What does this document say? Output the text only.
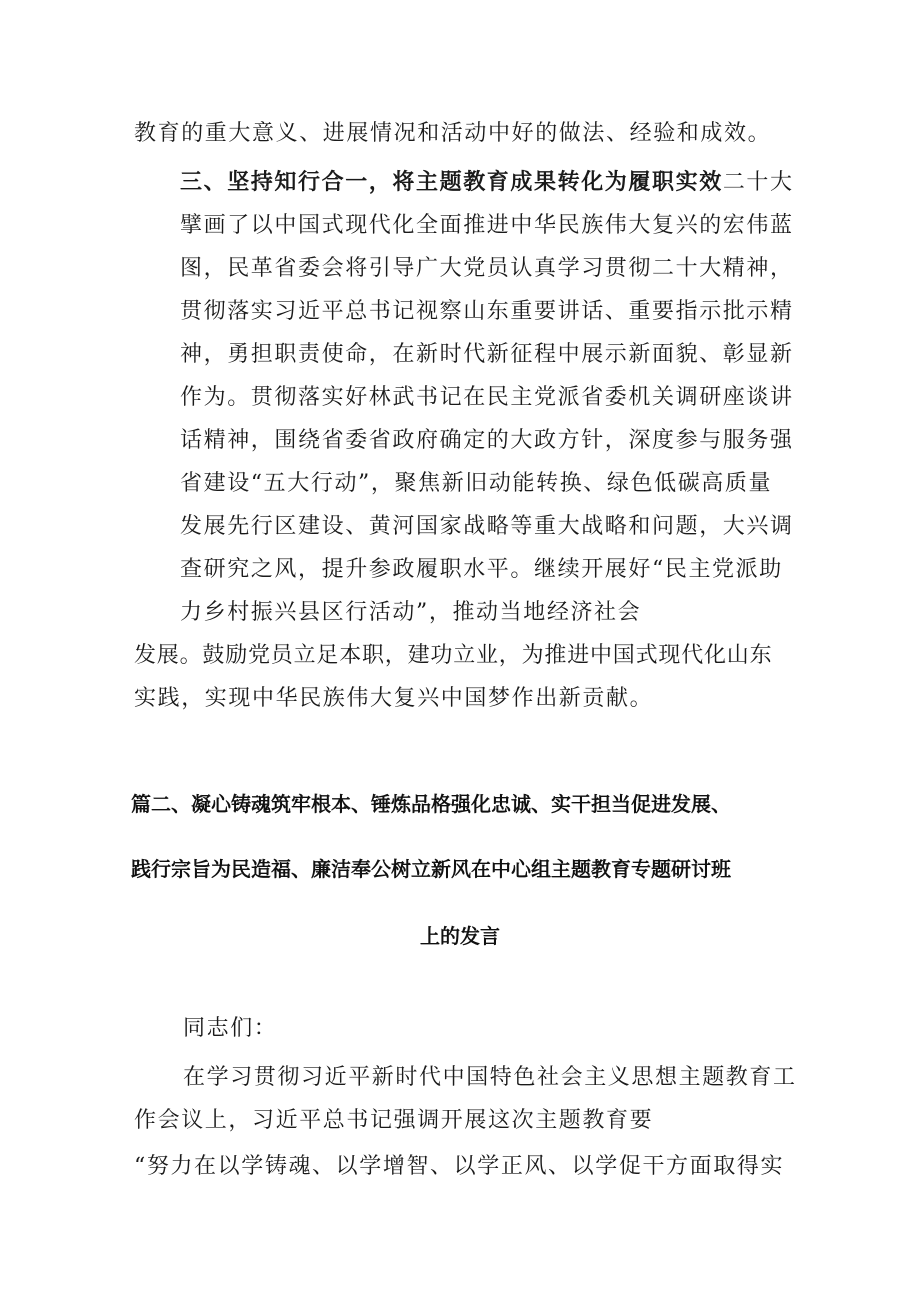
教育的重大意义、进展情况和活动中好的做法、经验和成效。
三、坚持知行合一，将主题教育成果转化为履职实效二十大
擘画了以中国式现代化全面推进中华民族伟大复兴的宏伟蓝
图，民革省委会将引导广大党员认真学习贯彻二十大精神，
贯彻落实习近平总书记视察山东重要讲话、重要指示批示精
神，勇担职责使命，在新时代新征程中展示新面貌、彰显新
作为。贯彻落实好林武书记在民主党派省委机关调研座谈讲
话精神，围绕省委省政府确定的大政方针，深度参与服务强
省建设“五大行动”，聚焦新旧动能转换、绿色低碳高质量
发展先行区建设、黄河国家战略等重大战略和问题，大兴调
查研究之风，提升参政履职水平。继续开展好“民主党派助
力乡村振兴县区行活动”，推动当地经济社会
发展。鼓励党员立足本职，建功立业，为推进中国式现代化山东
实践，实现中华民族伟大复兴中国梦作出新贡献。
篇二、凝心铸魂筑牢根本、锤炼品格强化忠诚、实干担当促进发展、
践行宗旨为民造福、廉洁奉公树立新风在中心组主题教育专题研讨班
上的发言
同志们：
在学习贯彻习近平新时代中国特色社会主义思想主题教育工
作会议上，习近平总书记强调开展这次主题教育要
“努力在以学铸魂、以学增智、以学正风、以学促干方面取得实
